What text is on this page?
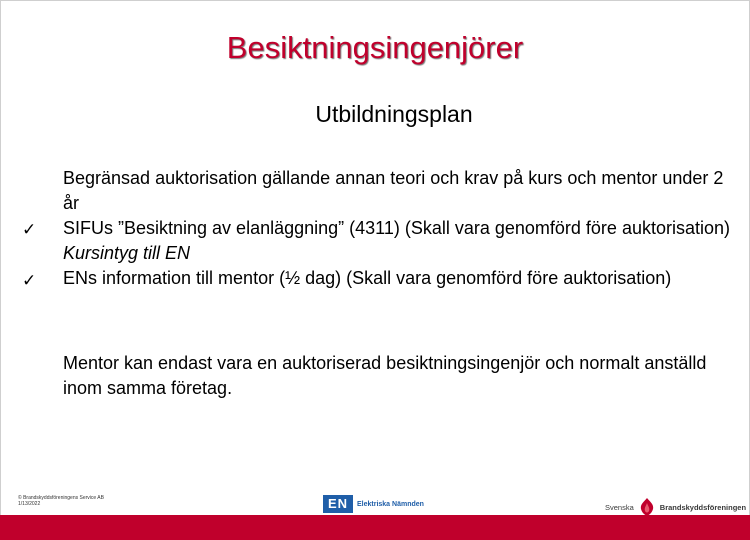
Besiktningsingenjörer
Utbildningsplan
Begränsad auktorisation gällande annan teori och krav på kurs och mentor under 2 år
SIFUs ”Besiktning av elanläggning” (4311) (Skall vara genomförd före auktorisation) Kursintyg till EN
ENs information till mentor (½ dag) (Skall vara genomförd före auktorisation)
✓
✓

Mentor kan endast vara en auktoriserad besiktningsingenjör och normalt anställd inom samma företag.

© Brandskyddsföreningens Service AB
1/13/2022	EN	Elektriska Nämnden	Svenska	Brandskyddsföreningen
